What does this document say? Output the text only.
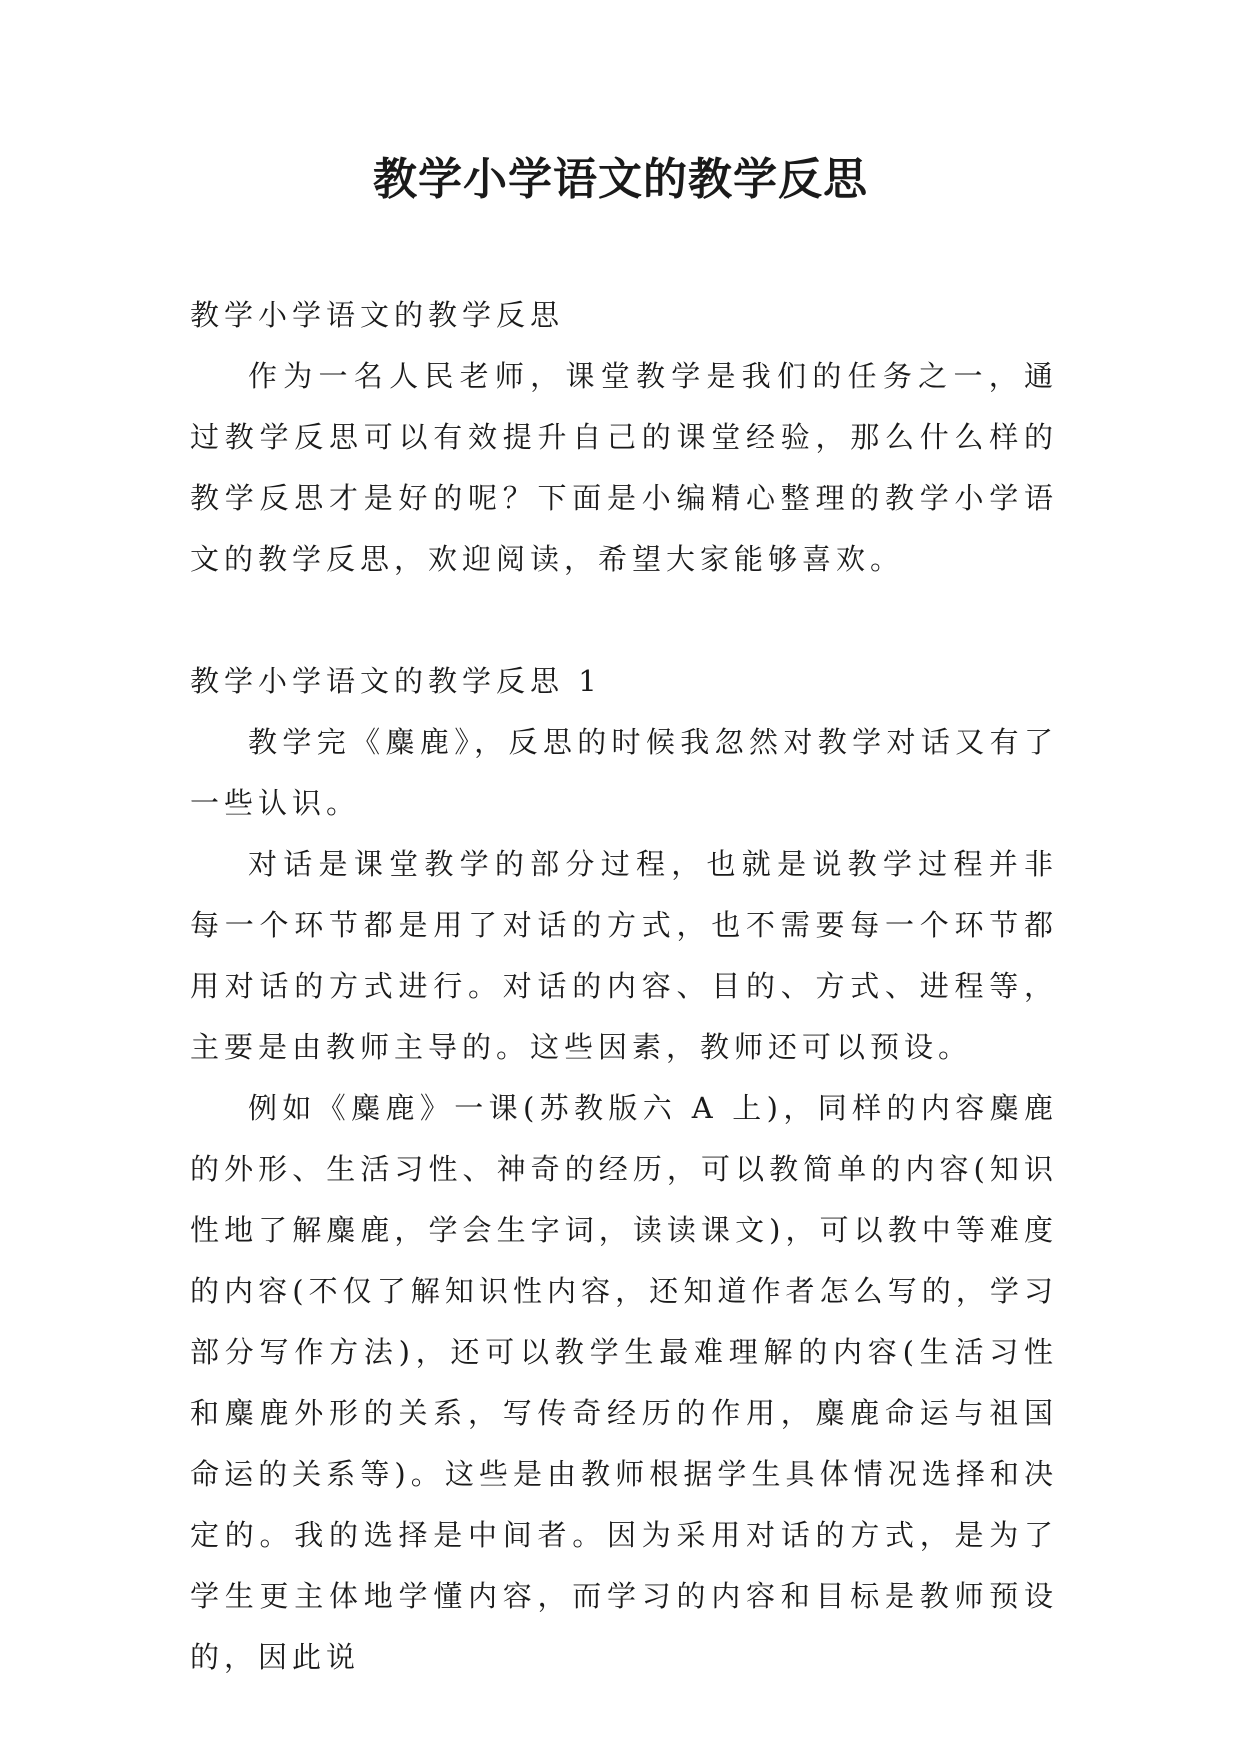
教学小学语文的教学反思

教学小学语文的教学反思

作为一名人民老师，课堂教学是我们的任务之一，通过教学反思可以有效提升自己的课堂经验，那么什么样的教学反思才是好的呢？下面是小编精心整理的教学小学语文的教学反思，欢迎阅读，希望大家能够喜欢。

教学小学语文的教学反思 1

教学完《麋鹿》，反思的时候我忽然对教学对话又有了一些认识。

对话是课堂教学的部分过程，也就是说教学过程并非每一个环节都是用了对话的方式，也不需要每一个环节都用对话的方式进行。对话的内容、目的、方式、进程等，主要是由教师主导的。这些因素，教师还可以预设。

例如《麋鹿》一课(苏教版六 A 上)，同样的内容麋鹿的外形、生活习性、神奇的经历，可以教简单的内容(知识性地了解麋鹿，学会生字词，读读课文)，可以教中等难度的内容(不仅了解知识性内容，还知道作者怎么写的，学习部分写作方法)，还可以教学生最难理解的内容(生活习性和麋鹿外形的关系，写传奇经历的作用，麋鹿命运与祖国命运的关系等)。这些是由教师根据学生具体情况选择和决定的。我的选择是中间者。因为采用对话的方式，是为了学生更主体地学懂内容，而学习的内容和目标是教师预设的，因此说
